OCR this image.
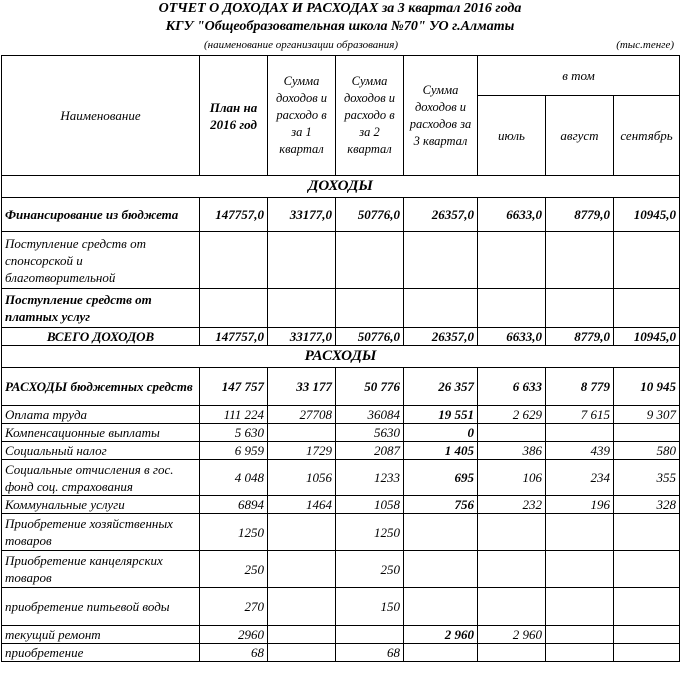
ОТЧЕТ О ДОХОДАХ И РАСХОДАХ за 3 квартал 2016 года
КГУ "Общеобразовательная школа №70" УО г.Алматы
(наименование организации образования)	(тыс.тенге)
Наименование	План на 2016 год	Сумма доходов и расходо в за 1 квартал	Сумма доходов и расходо в за 2 квартал	Сумма доходов и расходов за 3 квартал	в том		
					июль	август	сентябрь
ДОХОДЫ							
Финансирование из бюджета	147757,0	33177,0	50776,0	26357,0	6633,0	8779,0	10945,0
Поступление средств от спонсорской и благотворительной							
Поступление средств от платных услуг							
ВСЕГО ДОХОДОВ	147757,0	33177,0	50776,0	26357,0	6633,0	8779,0	10945,0
РАСХОДЫ							
РАСХОДЫ бюджетных средств	147 757	33 177	50 776	26 357	6 633	8 779	10 945
Оплата труда	111 224	27708	36084	19 551	2 629	7 615	9 307
Компенсационные выплаты	5 630		5630	0			
Социальный налог	6 959	1729	2087	1 405	386	439	580
Социальные отчисления в гос. фонд соц. страхования	4 048	1056	1233	695	106	234	355
Коммунальные услуги	6894	1464	1058	756	232	196	328
Приобретение хозяйственных товаров	1250		1250				
Приобретение канцелярских товаров	250		250				
приобретение питьевой воды	270		150				
текущий ремонт	2960			2 960	2 960		
приобретение	68		68				
